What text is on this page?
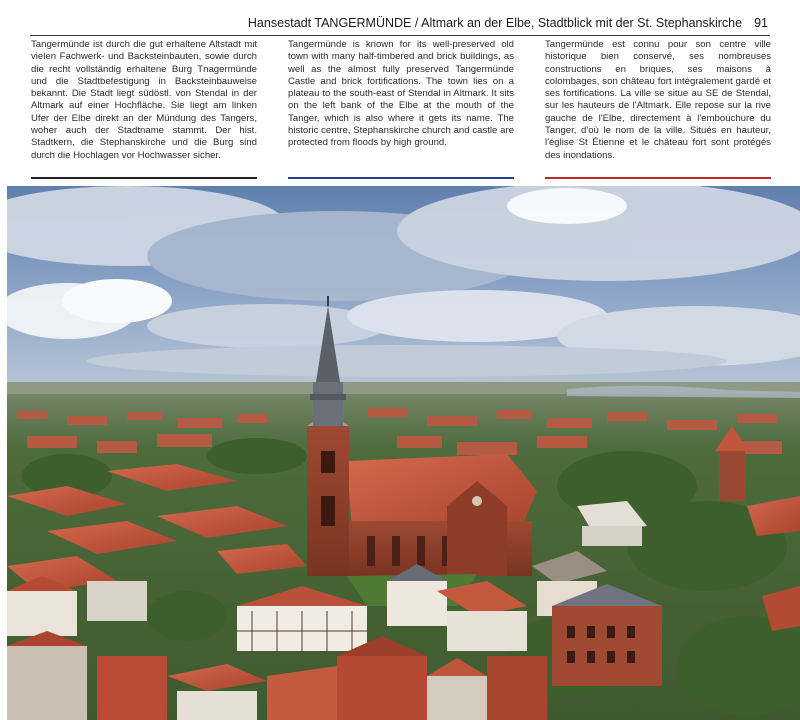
Hansestadt TANGERMÜNDE / Altmark an der Elbe, Stadtblick mit der St. Stephanskirche 91
Tangermünde ist durch die gut erhaltene Altstadt mit vielen Fachwerk- und Backsteinbauten, sowie durch die recht vollständig erhaltene Burg Tnagermünde und die Stadtbefestigung in Backsteinbauweise bekannt. Die Stadt liegt südöstl. von Stendal in der Altmark auf einer Hochfläche. Sie liegt am linken Ufer der Elbe direkt an der Mündung des Tangers, woher auch der Stadtname stammt. Der hist. Stadtkern, die Stephanskirche und die Burg sind durch die Hochlagen vor Hochwasser sicher.
Tangermünde is known for its well-preserved old town with many half-timbered and brick buildings, as well as the almost fully preserved Tangermünde Castle and brick fortifications. The town lies on a plateau to the south-east of Stendal in Altmark. It sits on the left bank of the Elbe at the mouth of the Tanger, which is also where it gets its name. The historic centre, Stephanskirche church and castle are protected from floods by high ground.
Tangermünde est connu pour son centre ville historique bien conservé, ses nombreuses constructions en briques, ses maisons à colombages, son château fort intégralement gardé et ses fortifications. La ville se situe au SE de Stendal, sur les hauteurs de l'Altmark. Elle repose sur la rive gauche de l'Elbe, directement à l'embouchure du Tanger, d'où le nom de la ville. Situés en hauteur, l'église St Étienne et le château fort sont protégés des inondations.
